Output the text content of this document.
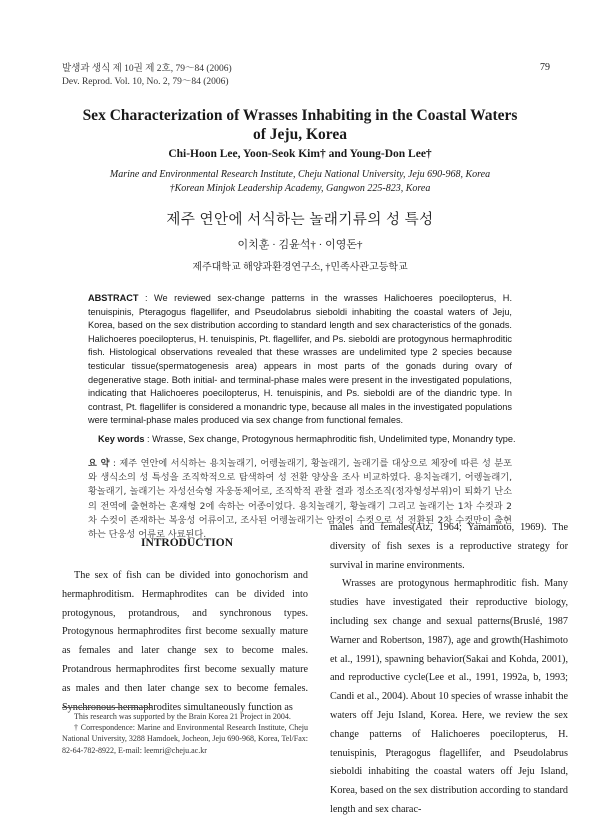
발생과 생식 제 10권 제 2호, 79～84 (2006)
Dev. Reprod. Vol. 10, No. 2, 79～84 (2006)
79
Sex Characterization of Wrasses Inhabiting in the Coastal Waters
of Jeju, Korea
Chi-Hoon Lee, Yoon-Seok Kim† and Young-Don Lee†
Marine and Environmental Research Institute, Cheju National University, Jeju 690-968, Korea
†Korean Minjok Leadership Academy, Gangwon 225-823, Korea
제주 연안에 서식하는 놀래기류의 성 특성
이치훈 · 김윤석† · 이영돈†
제주대학교 해양과환경연구소, †민족사관고등학교
ABSTRACT : We reviewed sex-change patterns in the wrasses Halichoeres poecilopterus, H. tenuispinis, Pteragogus flagellifer, and Pseudolabrus sieboldi inhabiting the coastal waters of Jeju, Korea, based on the sex distribution according to standard length and sex characteristics of the gonads. Halichoeres poecilopterus, H. tenuispinis, Pt. flagellifer, and Ps. sieboldi are protogynous hermaphroditic fish. Histological observations revealed that these wrasses are undelimited type 2 species because testicular tissue(spermatogenesis area) appears in most parts of the gonads during ovary of degenerative stage. Both initial- and terminal-phase males were present in the investigated populations, indicating that Halichoeres poecilopterus, H. tenuispinis, and Ps. sieboldi are of the diandric type. In contrast, Pt. flagellifer is considered a monandric type, because all males in the investigated populations were terminal-phase males produced via sex change from functional females.
Key words : Wrasse, Sex change, Protogynous hermaphroditic fish, Undelimited type, Monandry type.
요 약 : 제주 연안에 서식하는 용치놀래기, 어렝놀래기, 황놀래기, 놀래기를 대상으로 체장에 따른 성 분포와 생식소의 성 특성을 조직학적으로 탐색하여 성 전환 양상을 조사 비교하였다. 용치놀래기, 어렝놀래기, 황놀래기, 놀래기는 자성선숙형 자웅동체어로, 조직학적 관찰 결과 정소조직(정자형성부위)이 퇴화기 난소의 전역에 출현하는 혼재형 2에 속하는 어종이었다. 용치놀래기, 황놀래기 그리고 놀래기는 1차 수컷과 2차 수컷이 존재하는 복웅성 어류이고, 조사된 어렝놀래기는 암컷이 수컷으로 성 전환된 2차 수컷만이 출현하는 단웅성 어류로 사료된다.
INTRODUCTION
The sex of fish can be divided into gonochorism and hermaphroditism. Hermaphrodites can be divided into protogynous, protandrous, and synchronous types. Protogynous hermaphrodites first become sexually mature as females and later change sex to become males. Protandrous hermaphrodites first become sexually mature as males and then later change sex to become females. Synchronous hermaphrodites simultaneously function as
This research was supported by the Brain Korea 21 Project in 2004.
† Correspondence: Marine and Environmental Research Institute, Cheju National University, 3288 Hamdoek, Jocheon, Jeju 690-968, Korea, Tel/Fax: 82-64-782-8922, E-mail: leemri@cheju.ac.kr
males and females(Atz, 1964; Yamamoto, 1969). The diversity of fish sexes is a reproductive strategy for survival in marine environments.
Wrasses are protogynous hermaphroditic fish. Many studies have investigated their reproductive biology, including sex change and sexual patterns(Bruslé, 1987 Warner and Robertson, 1987), age and growth(Hashimoto et al., 1991), spawning behavior(Sakai and Kohda, 2001), and reproductive cycle(Lee et al., 1991, 1992a, b, 1993; Candi et al., 2004). About 10 species of wrasse inhabit the waters off Jeju Island, Korea. Here, we review the sex change patterns of Halichoeres poecilopterus, H. tenuispinis, Pteragogus flagellifer, and Pseudolabrus sieboldi inhabiting the coastal waters off Jeju Island, Korea, based on the sex distribution according to standard length and sex charac-
